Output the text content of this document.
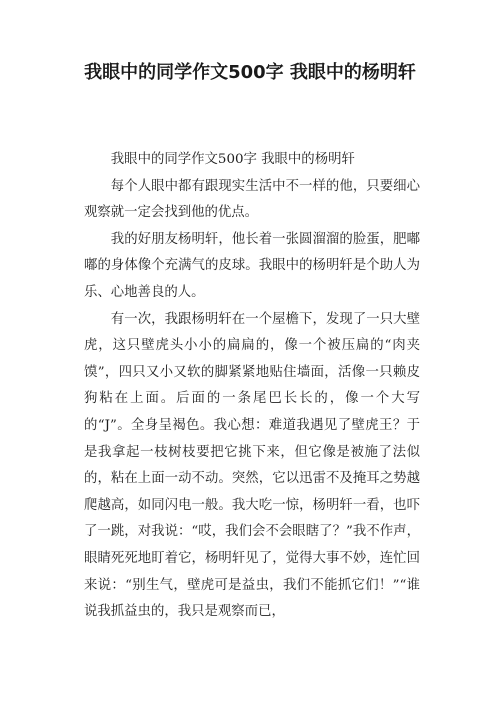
我眼中的同学作文500字 我眼中的杨明轩

我眼中的同学作文500字 我眼中的杨明轩

每个人眼中都有跟现实生活中不一样的他，只要细心观察就一定会找到他的优点。

我的好朋友杨明轩，他长着一张圆溜溜的脸蛋，肥嘟嘟的身体像个充满气的皮球。我眼中的杨明轩是个助人为乐、心地善良的人。

有一次，我跟杨明轩在一个屋檐下，发现了一只大壁虎，这只壁虎头小小的扁扁的，像一个被压扁的“肉夹馍”，四只又小又软的脚紧紧地贴住墙面，活像一只赖皮狗粘在上面。后面的一条尾巴长长的，像一个大写的“J”。全身呈褐色。我心想：难道我遇见了壁虎王？于是我拿起一枝树枝要把它挑下来，但它像是被施了法似的，粘在上面一动不动。突然，它以迅雷不及掩耳之势越爬越高，如同闪电一般。我大吃一惊，杨明轩一看，也吓了一跳，对我说：“哎，我们会不会眼瞎了？”我不作声，眼睛死死地盯着它，杨明轩见了，觉得大事不妙，连忙回来说：“别生气，壁虎可是益虫，我们不能抓它们！”“谁说我抓益虫的，我只是观察而已，
